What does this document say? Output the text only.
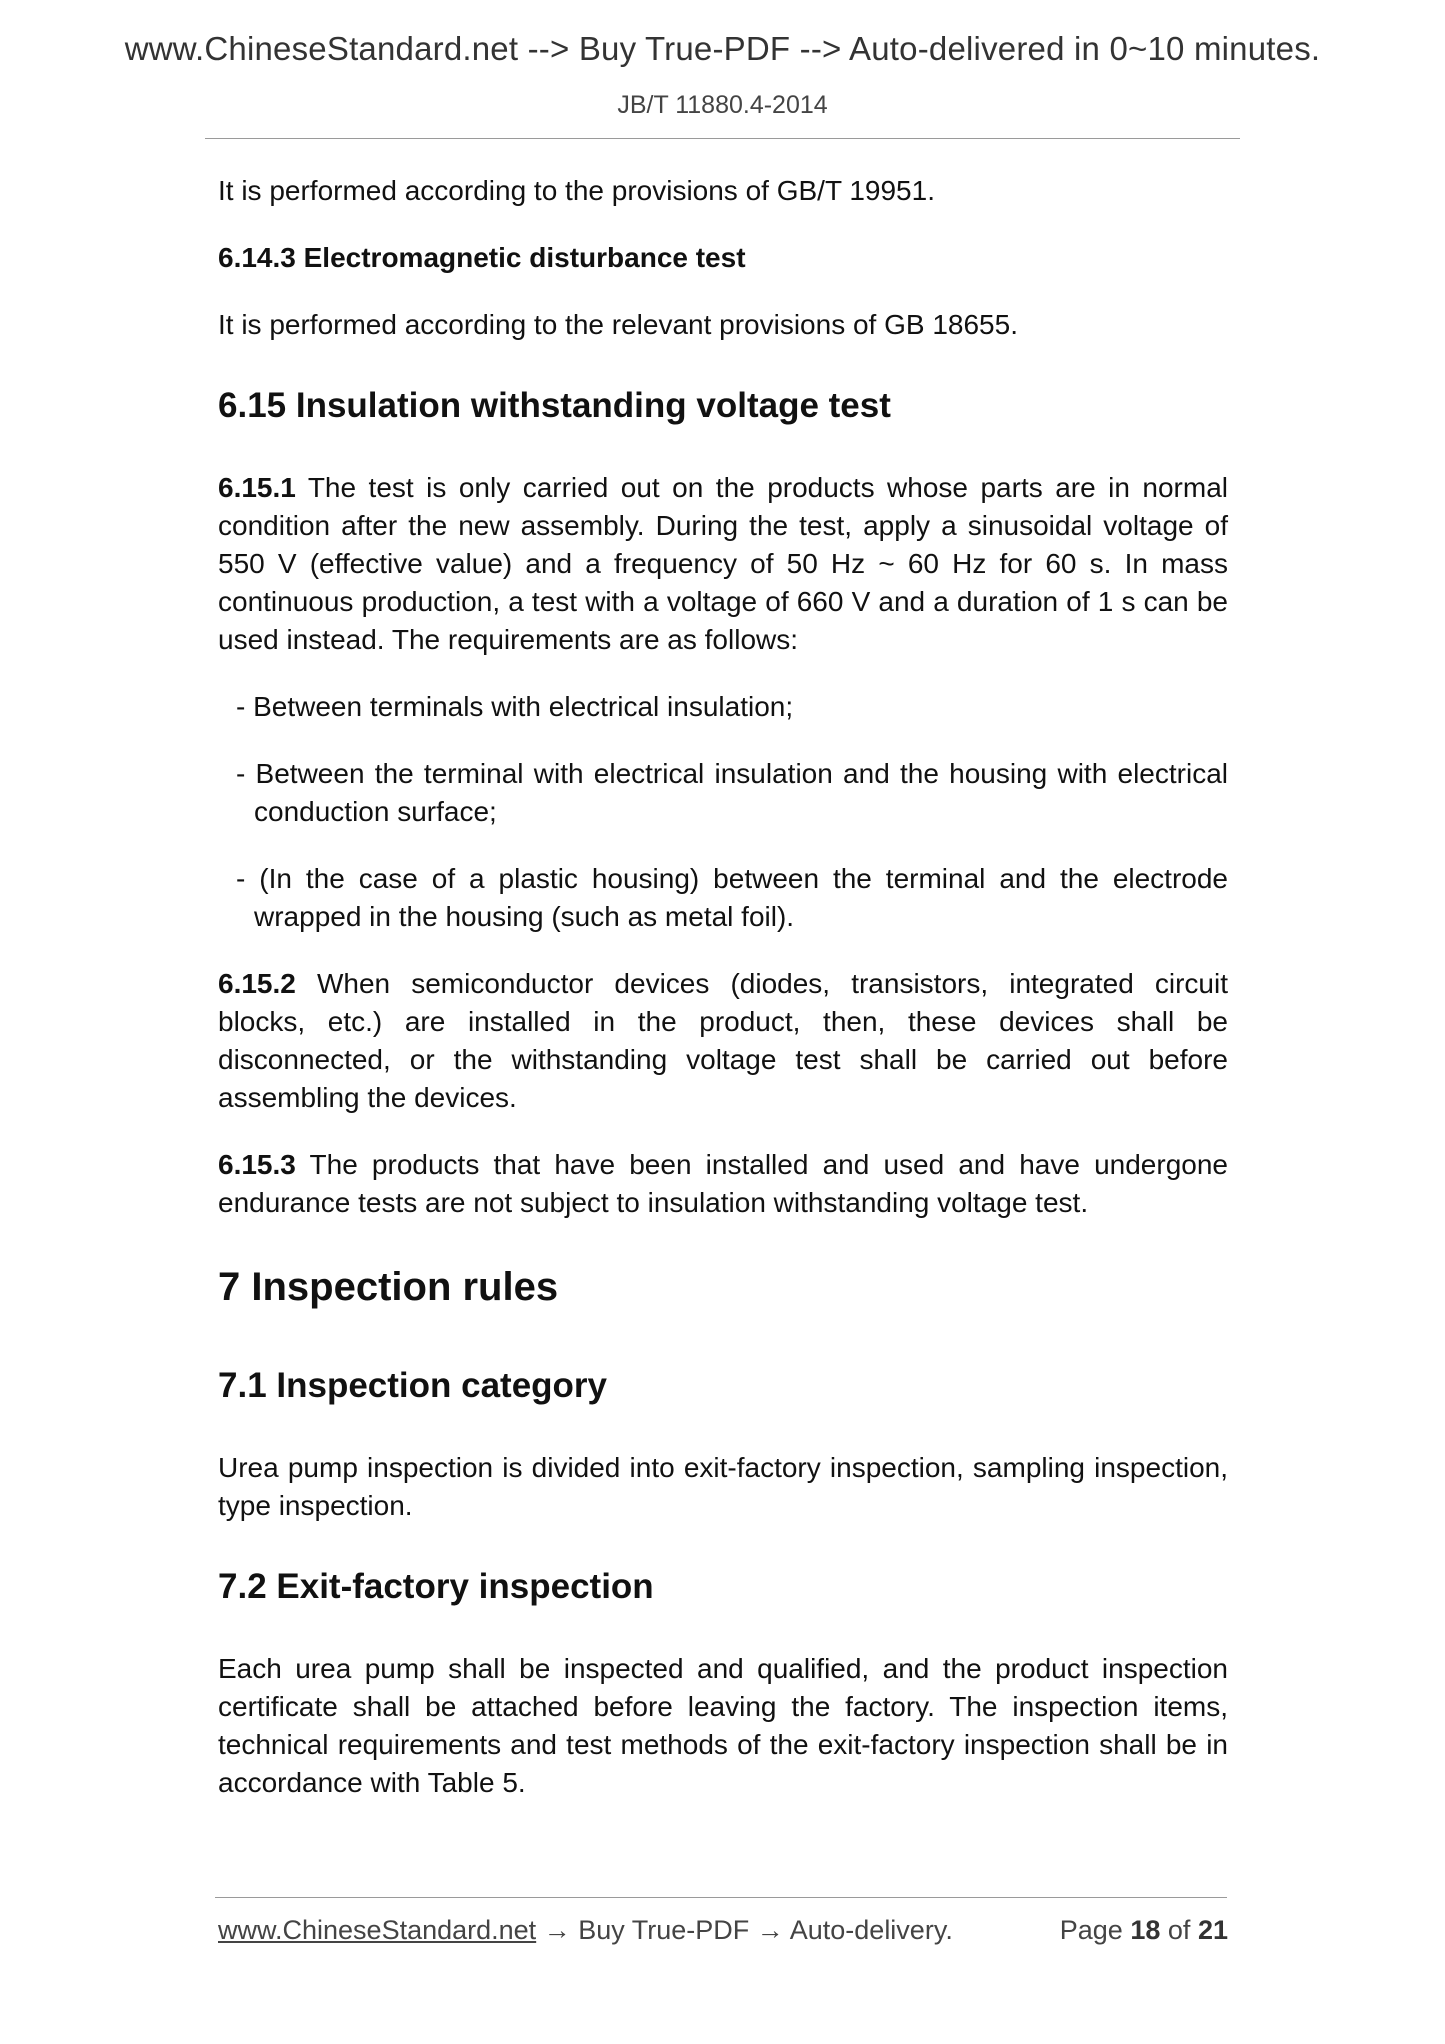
www.ChineseStandard.net --> Buy True-PDF --> Auto-delivered in 0~10 minutes.
JB/T 11880.4-2014

It is performed according to the provisions of GB/T 19951.

6.14.3 Electromagnetic disturbance test

It is performed according to the relevant provisions of GB 18655.

6.15 Insulation withstanding voltage test

6.15.1 The test is only carried out on the products whose parts are in normal condition after the new assembly. During the test, apply a sinusoidal voltage of 550 V (effective value) and a frequency of 50 Hz ~ 60 Hz for 60 s. In mass continuous production, a test with a voltage of 660 V and a duration of 1 s can be used instead. The requirements are as follows:

- Between terminals with electrical insulation;

- Between the terminal with electrical insulation and the housing with electrical conduction surface;

- (In the case of a plastic housing) between the terminal and the electrode wrapped in the housing (such as metal foil).

6.15.2 When semiconductor devices (diodes, transistors, integrated circuit blocks, etc.) are installed in the product, then, these devices shall be disconnected, or the withstanding voltage test shall be carried out before assembling the devices.

6.15.3 The products that have been installed and used and have undergone endurance tests are not subject to insulation withstanding voltage test.

7 Inspection rules
7.1 Inspection category

Urea pump inspection is divided into exit-factory inspection, sampling inspection, type inspection.

7.2 Exit-factory inspection

Each urea pump shall be inspected and qualified, and the product inspection certificate shall be attached before leaving the factory. The inspection items, technical requirements and test methods of the exit-factory inspection shall be in accordance with Table 5.

www.ChineseStandard.net → Buy True-PDF → Auto-delivery.	Page 18 of 21
